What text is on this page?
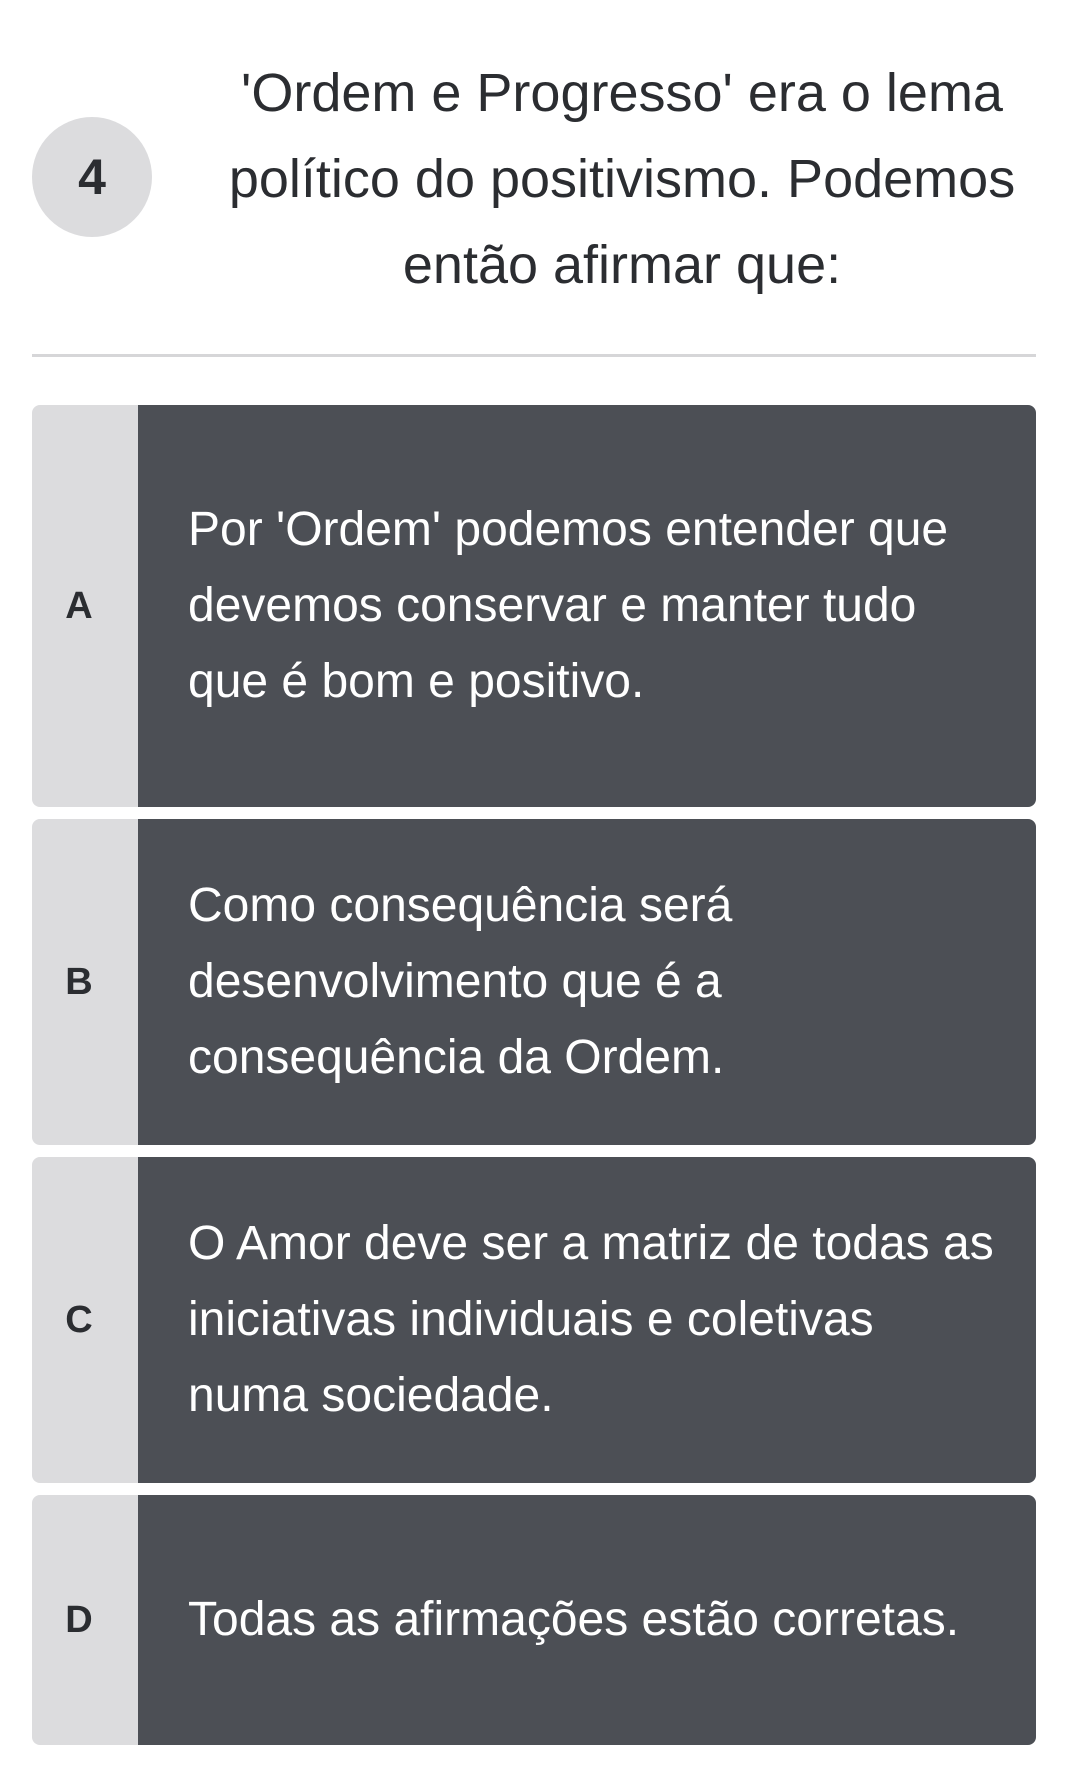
4
'Ordem e Progresso' era o lema político do positivismo. Podemos então afirmar que:
A
Por 'Ordem' podemos entender que devemos conservar e manter tudo que é bom e positivo.
B
Como consequência será desenvolvimento que é a consequência da Ordem.
C
O Amor deve ser a matriz de todas as iniciativas individuais e coletivas numa sociedade.
D Todas as afirmações estão corretas.
